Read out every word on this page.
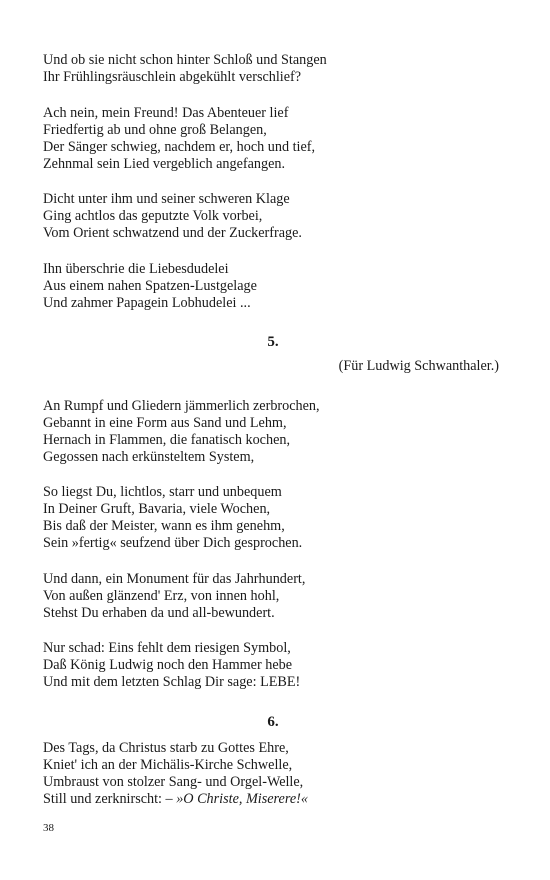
Und ob sie nicht schon hinter Schloß und Stangen
Ihr Frühlingsräuschlein abgekühlt verschlief?
Ach nein, mein Freund! Das Abenteuer lief
Friedfertig ab und ohne groß Belangen,
Der Sänger schwieg, nachdem er, hoch und tief,
Zehnmal sein Lied vergeblich angefangen.
Dicht unter ihm und seiner schweren Klage
Ging achtlos das geputzte Volk vorbei,
Vom Orient schwatzend und der Zuckerfrage.
Ihn überschrie die Liebesdudelei
Aus einem nahen Spatzen-Lustgelage
Und zahmer Papagein Lobhudelei ...
5.
(Für Ludwig Schwanthaler.)
An Rumpf und Gliedern jämmerlich zerbrochen,
Gebannt in eine Form aus Sand und Lehm,
Hernach in Flammen, die fanatisch kochen,
Gegossen nach erkünsteltem System,
So liegst Du, lichtlos, starr und unbequem
In Deiner Gruft, Bavaria, viele Wochen,
Bis daß der Meister, wann es ihm genehm,
Sein »fertig« seufzend über Dich gesprochen.
Und dann, ein Monument für das Jahrhundert,
Von außen glänzend' Erz, von innen hohl,
Stehst Du erhaben da und all-bewundert.
Nur schad: Eins fehlt dem riesigen Symbol,
Daß König Ludwig noch den Hammer hebe
Und mit dem letzten Schlag Dir sage: LEBE!
6.
Des Tags, da Christus starb zu Gottes Ehre,
Kniet' ich an der Michälis-Kirche Schwelle,
Umbraust von stolzer Sang- und Orgel-Welle,
Still und zerknirscht: – »O Christe, Miserere!«
38
